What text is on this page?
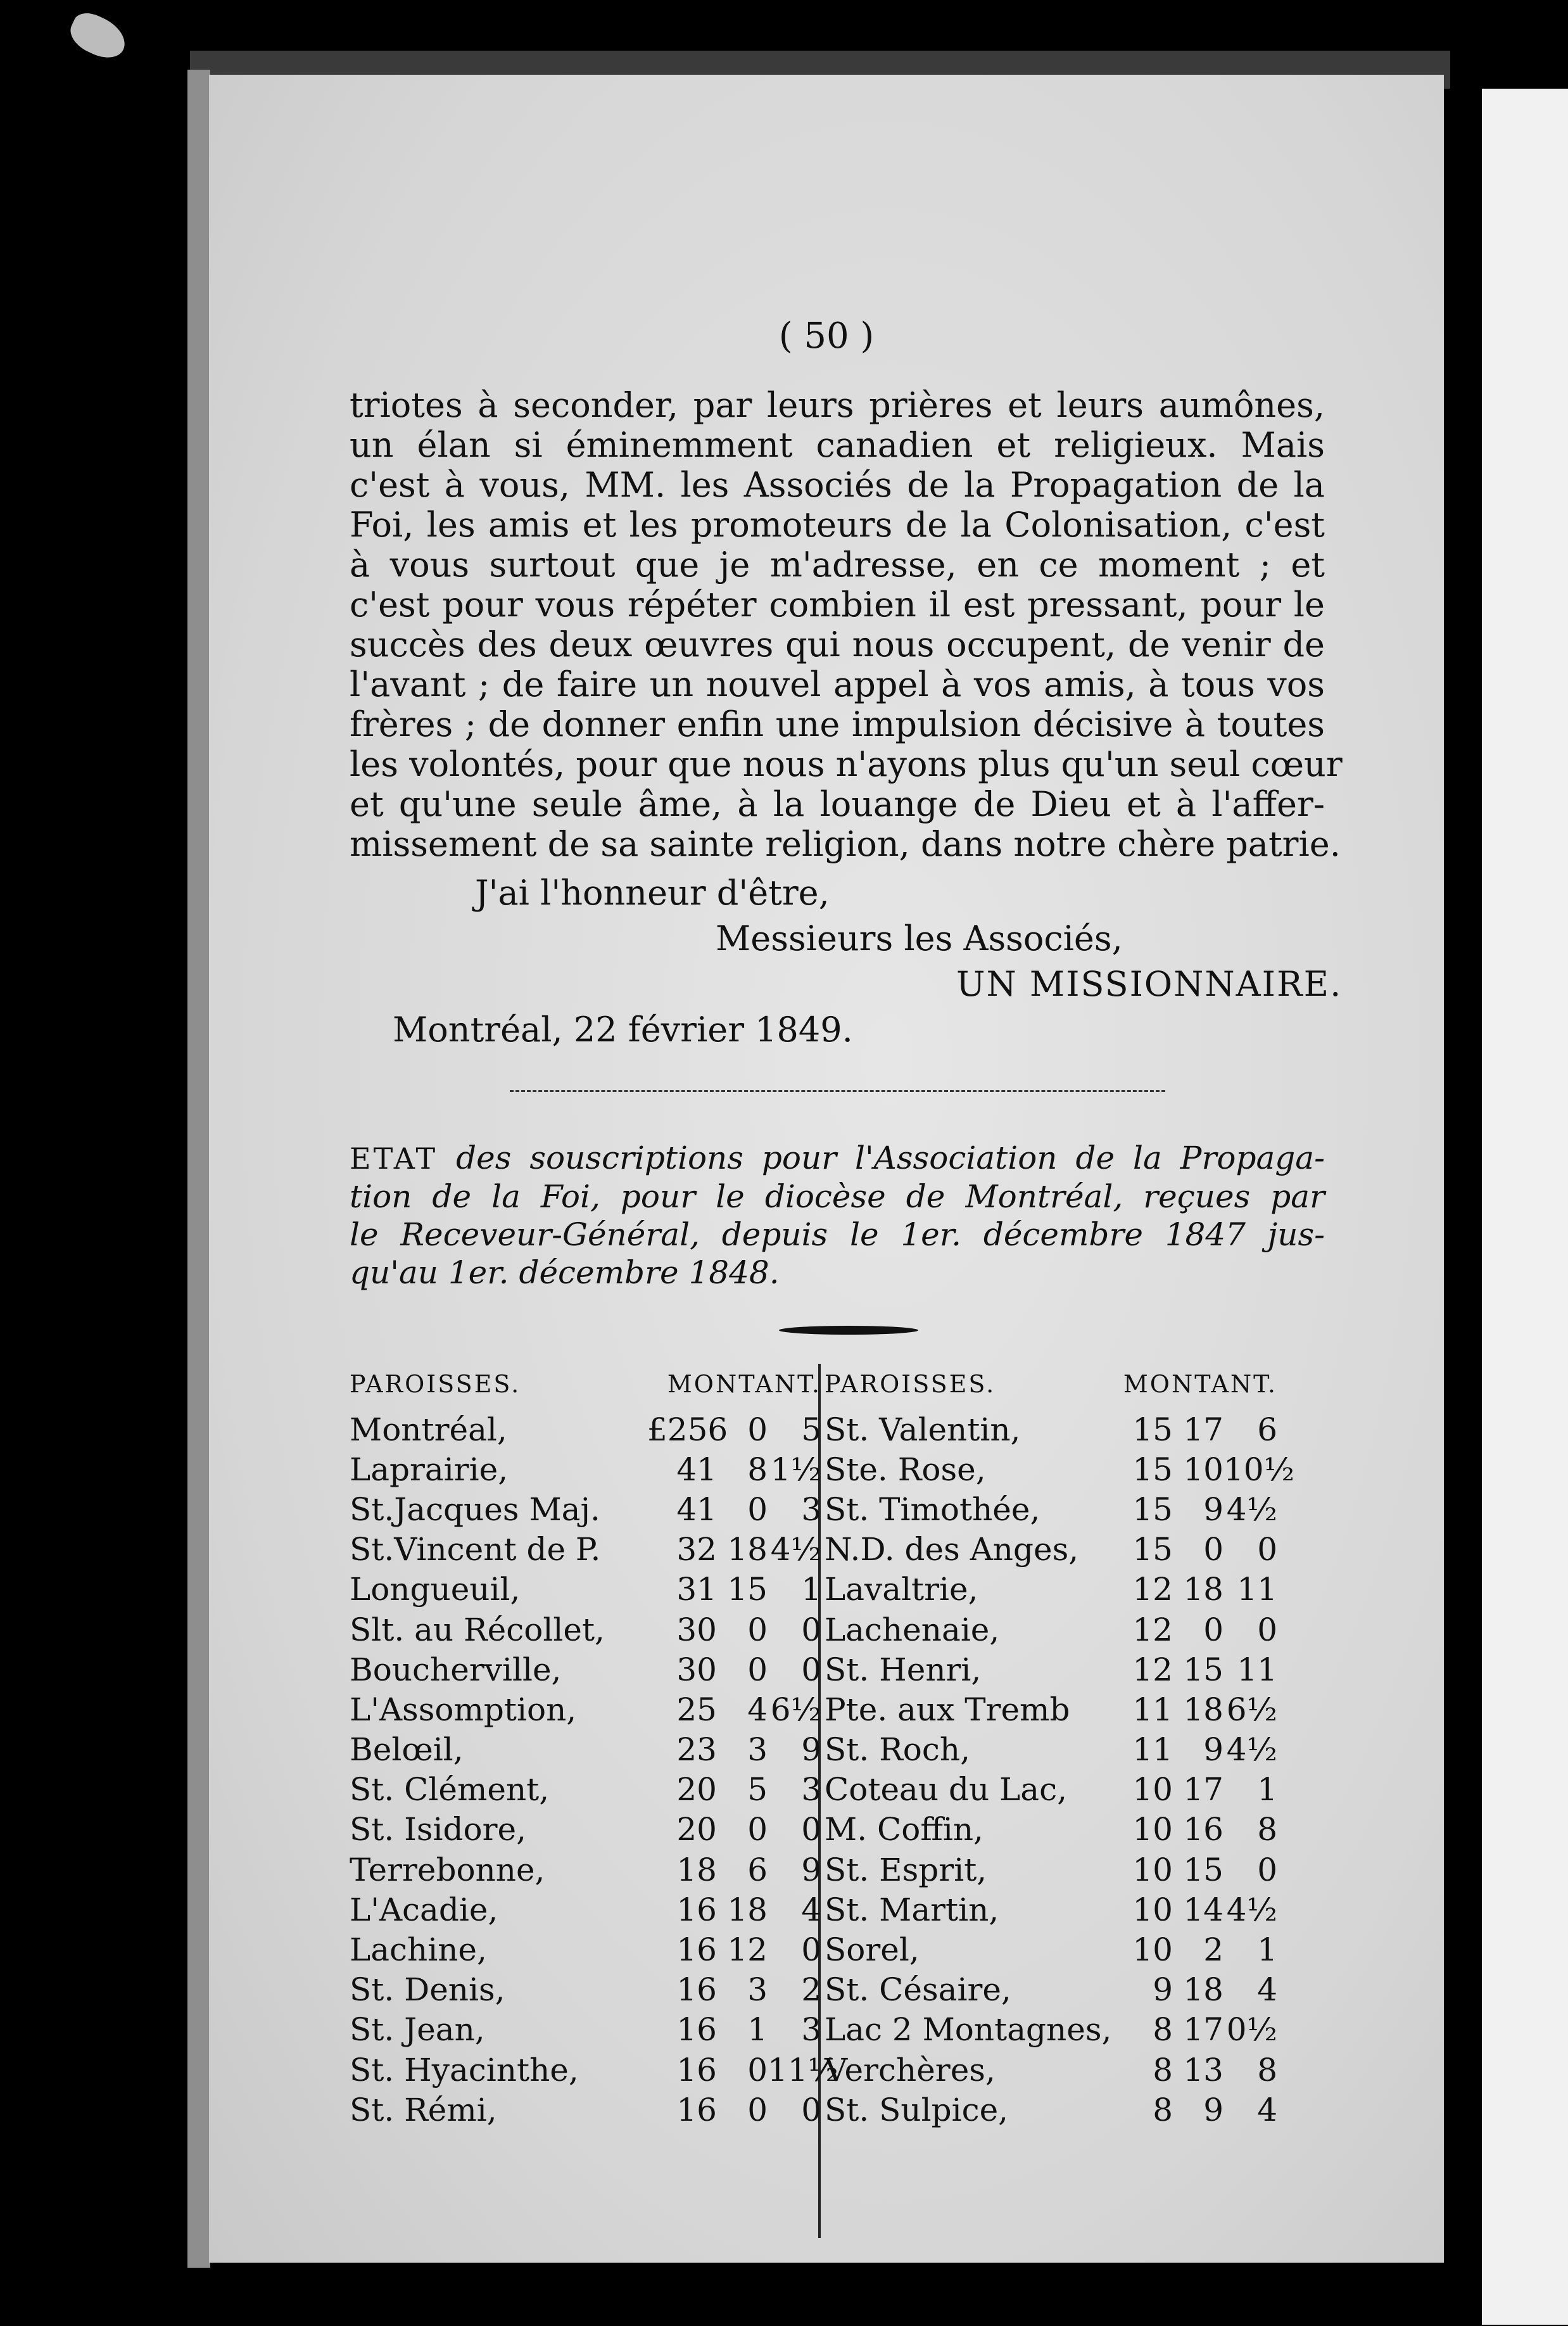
( 50 )
triotes à seconder, par leurs prières et leurs aumônes,
un élan si éminemment canadien et religieux. Mais
c'est à vous, MM. les Associés de la Propagation de la
Foi, les amis et les promoteurs de la Colonisation, c'est
à vous surtout que je m'adresse, en ce moment ; et
c'est pour vous répéter combien il est pressant, pour le
succès des deux œuvres qui nous occupent, de venir de
l'avant ; de faire un nouvel appel à vos amis, à tous vos
frères ; de donner enfin une impulsion décisive à toutes
les volontés, pour que nous n'ayons plus qu'un seul cœur
et qu'une seule âme, à la louange de Dieu et à l'affer-
missement de sa sainte religion, dans notre chère patrie.
J'ai l'honneur d'être,
Messieurs les Associés,
UN MISSIONNAIRE.
Montréal, 22 février 1849.
ETAT des souscriptions pour l'Association de la Propaga-
tion de la Foi, pour le diocèse de Montréal, reçues par
le Receveur-Général, depuis le 1er. décembre 1847 jus-
qu'au 1er. décembre 1848.
PAROISSES.	MONTANT.
Montréal,	£256 0	5
Laprairie,	41 8 1½
St.Jacques Maj.	41 0	3
St.Vincent de P.	32 18 4½
Longueuil,	31 15	1
Slt. au Récollet,	30 0	0
Boucherville,	30 0	0
L'Assomption,	25 4 6½
Belœil,	23 3	9
St. Clément,	20 5	3
St. Isidore,	20 0	0
Terrebonne,	18 6	9
L'Acadie,	16 18	4
Lachine,	16 12	0
St. Denis,	16 3	2
St. Jean,	16 1	3
St. Hyacinthe,	16 0 11½
St. Rémi,	16 0	0
PAROISSES.	MONTANT.
St. Valentin,	15 17	6
Ste. Rose,	15 10 10½
St. Timothée,	15 9 4½
N.D. des Anges,	15 0	0
Lavaltrie,	12 18 11
Lachenaie,	12 0	0
St. Henri,	12 15 11
Pte. aux Tremb	11 18 6½
St. Roch,	11 9 4½
Coteau du Lac,	10 17	1
M. Coffin,	10 16	8
St. Esprit,	10 15	0
St. Martin,	10 14 4½
Sorel,	10 2	1
St. Césaire,	9 18	4
Lac 2 Montagnes,	8 17 0½
Verchères,	8 13	8
St. Sulpice,	8 9	4
